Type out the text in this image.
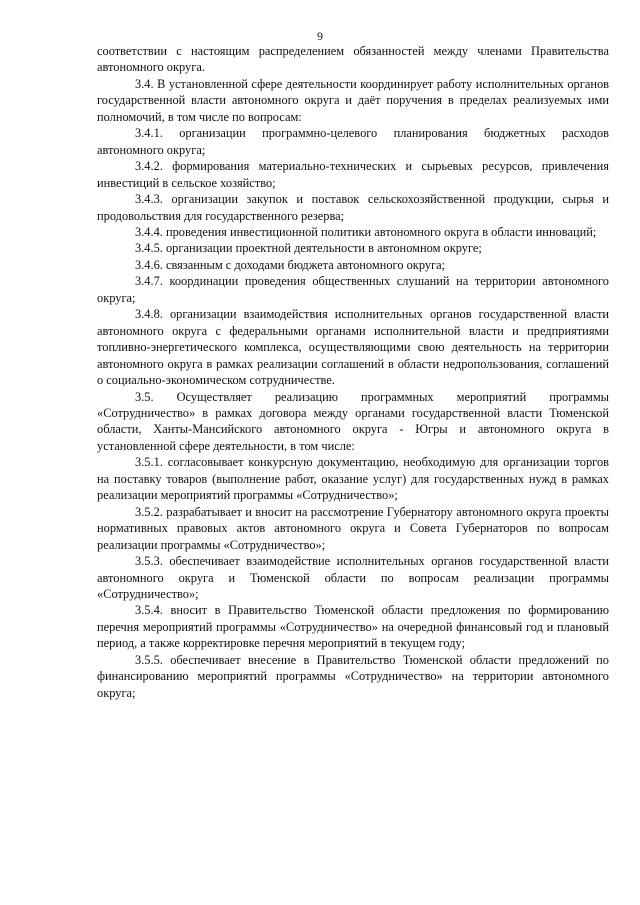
9

соответствии с настоящим распределением обязанностей между членами Правительства автономного округа.

3.4. В установленной сфере деятельности координирует работу исполнительных органов государственной власти автономного округа и даёт поручения в пределах реализуемых ими полномочий, в том числе по вопросам:

3.4.1. организации программно-целевого планирования бюджетных расходов автономного округа;

3.4.2. формирования материально-технических и сырьевых ресурсов, привлечения инвестиций в сельское хозяйство;

3.4.3. организации закупок и поставок сельскохозяйственной продукции, сырья и продовольствия для государственного резерва;

3.4.4. проведения инвестиционной политики автономного округа в области инноваций;

3.4.5. организации проектной деятельности в автономном округе;

3.4.6. связанным с доходами бюджета автономного округа;

3.4.7. координации проведения общественных слушаний на территории автономного округа;

3.4.8. организации взаимодействия исполнительных органов государственной власти автономного округа с федеральными органами исполнительной власти и предприятиями топливно-энергетического комплекса, осуществляющими свою деятельность на территории автономного округа в рамках реализации соглашений в области недропользования, соглашений о социально-экономическом сотрудничестве.

3.5. Осуществляет реализацию программных мероприятий программы «Сотрудничество» в рамках договора между органами государственной власти Тюменской области, Ханты-Мансийского автономного округа - Югры и автономного округа в установленной сфере деятельности, в том числе:

3.5.1. согласовывает конкурсную документацию, необходимую для организации торгов на поставку товаров (выполнение работ, оказание услуг) для государственных нужд в рамках реализации мероприятий программы «Сотрудничество»;

3.5.2. разрабатывает и вносит на рассмотрение Губернатору автономного округа проекты нормативных правовых актов автономного округа и Совета Губернаторов по вопросам реализации программы «Сотрудничество»;

3.5.3. обеспечивает взаимодействие исполнительных органов государственной власти автономного округа и Тюменской области по вопросам реализации программы «Сотрудничество»;

3.5.4. вносит в Правительство Тюменской области предложения по формированию перечня мероприятий программы «Сотрудничество» на очередной финансовый год и плановый период, а также корректировке перечня мероприятий в текущем году;

3.5.5. обеспечивает внесение в Правительство Тюменской области предложений по финансированию мероприятий программы «Сотрудничество» на территории автономного округа;
